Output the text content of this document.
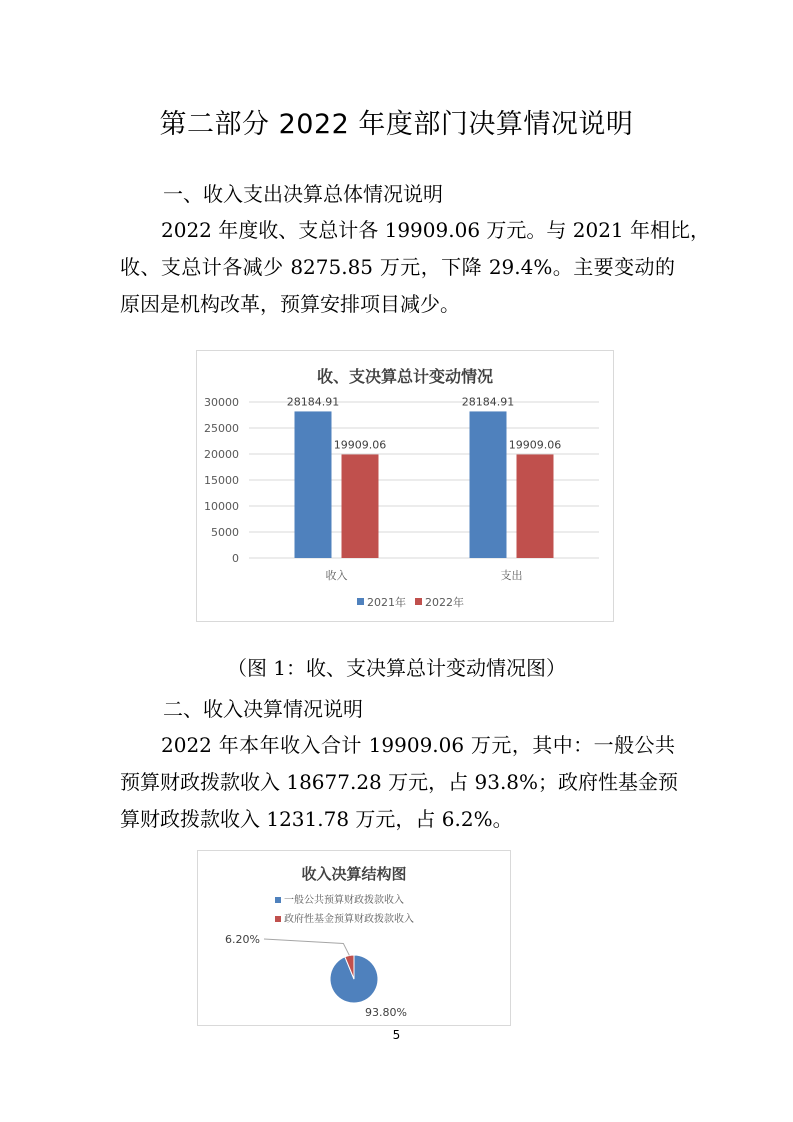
第二部分 2022 年度部门决算情况说明
一、收入支出决算总体情况说明
2022 年度收、支总计各 19909.06 万元。与 2021 年相比，
收、支总计各减少 8275.85 万元，下降 29.4%。主要变动的
原因是机构改革，预算安排项目减少。
收、支决算总计变动情况
0
5000
10000
15000
20000
25000
30000	28184.91
19909.06
28184.91
19909.06
收入	支出
2021年 2022年
（图 1：收、支决算总计变动情况图）
二、收入决算情况说明
2022 年本年收入合计 19909.06 万元，其中：一般公共
预算财政拨款收入 18677.28 万元，占 93.8%；政府性基金预
算财政拨款收入 1231.78 万元，占 6.2%。
收入决算结构图
一般公共预算财政拨款收入
政府性基金预算财政拨款收入
93.80%
6.20%
5
